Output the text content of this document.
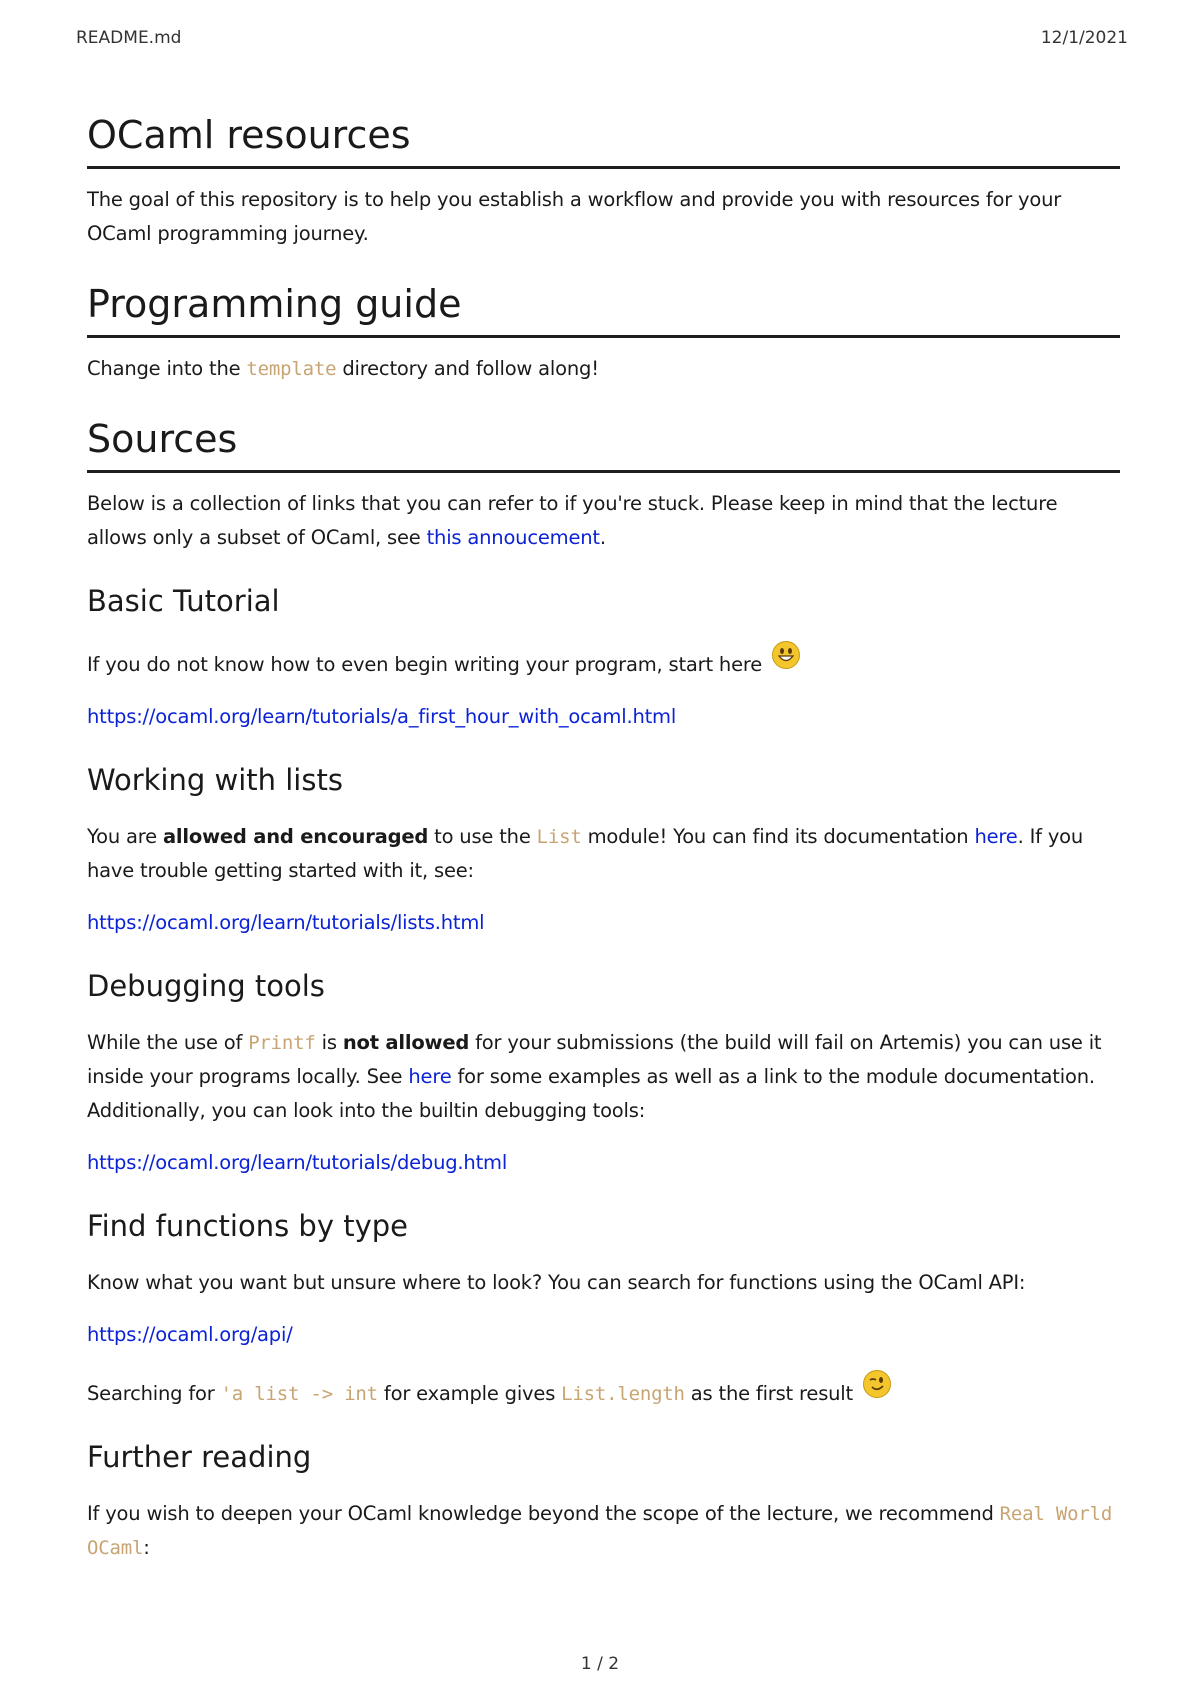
README.md	12/1/2021
OCaml resources

The goal of this repository is to help you establish a workflow and provide you with resources for your OCaml programming journey.

Programming guide

Change into the template directory and follow along!

Sources

Below is a collection of links that you can refer to if you're stuck. Please keep in mind that the lecture allows only a subset of OCaml, see this annoucement.

Basic Tutorial

If you do not know how to even begin writing your program, start here

https://ocaml.org/learn/tutorials/a_first_hour_with_ocaml.html

Working with lists

You are allowed and encouraged to use the List module! You can find its documentation here. If you have trouble getting started with it, see:

https://ocaml.org/learn/tutorials/lists.html

Debugging tools

While the use of Printf is not allowed for your submissions (the build will fail on Artemis) you can use it inside your programs locally. See here for some examples as well as a link to the module documentation. Additionally, you can look into the builtin debugging tools:

https://ocaml.org/learn/tutorials/debug.html

Find functions by type

Know what you want but unsure where to look? You can search for functions using the OCaml API:

https://ocaml.org/api/

Searching for 'a list -> int for example gives List.length as the first result

Further reading

If you wish to deepen your OCaml knowledge beyond the scope of the lecture, we recommend Real World OCaml:

1 / 2
